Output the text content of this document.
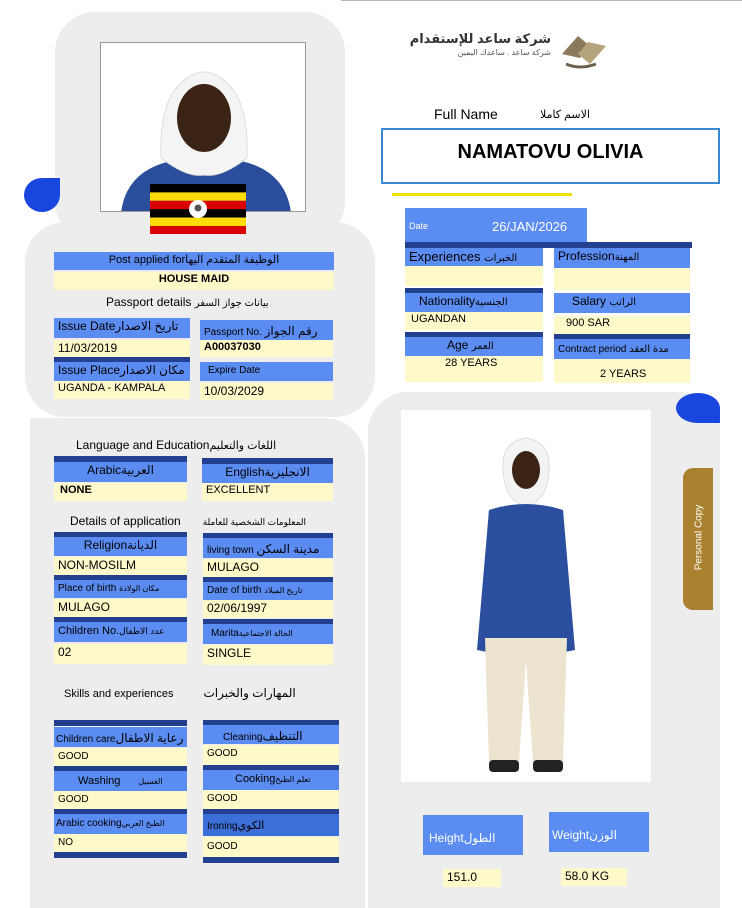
شركة ساعد للإستقدام
شركة ساعد . ساعدك اليمين
Full Name	الاسم كاملا
NAMATOVU OLIVIA
Date	26/JAN/2026
Experiences الخبرات	Professionالمهنة
Nationalityالجنسية
UGANDAN
Salary الراتب
900 SAR
Age العمر
28 YEARS
Contract period مدة العقد
2 YEARS
Post applied forالوظيفة المتقدم اليها
HOUSE MAID
Passport details بيانات جواز السفر
Issue Dateتاريخ الاصدار
11/03/2019
Passport No. رقم الجواز
A00037030
Issue Placeمكان الاصدار
UGANDA - KAMPALA
Expire Date
10/03/2029
Language and Educationاللغات والتعليم
Arabicالعربية
NONE
Englishالانجليزية
EXCELLENT
Details of application المعلومات الشخصية للعاملة
Religionالديانة
NON-MOSILM
living town مدينة السكن
MULAGO
Place of birth مكان الولادة
MULAGO
Date of birth تاريخ الميلاد
02/06/1997
Children No.عدد الاطفال
02
Maritaالحالة الاجتماعية
SINGLE
Skills and experiences	المهارات والخبرات
Children careرعاية الاطفال
GOOD
Cleaningالتنظيف
GOOD
Washing الغسيل
GOOD
Cookingتعلم الطبخ
GOOD
Arabic cookingالطبخ العربي
NO
Ironingالكوي
GOOD
Personal Copy
Heightالطول
151.0
Weightالوزن
58.0 KG
